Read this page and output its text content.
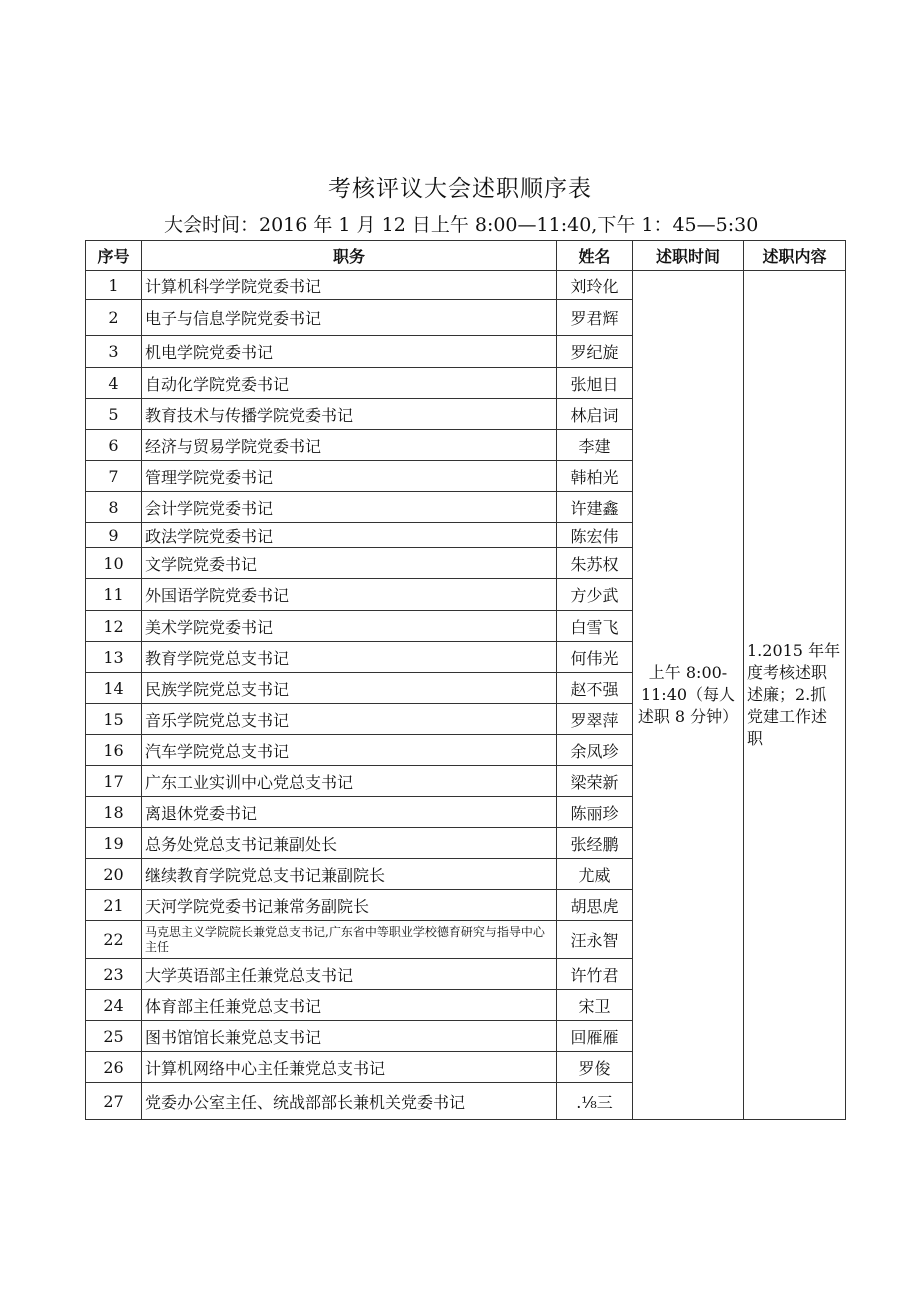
考核评议大会述职顺序表
大会时间：2016 年 1 月 12 日上午 8:00—11:40,下午 1：45—5:30
序号	职务	姓名	述职时间	述职内容
1	计算机科学学院党委书记	刘玲化	上午 8:00-11:40（每人述职 8 分钟）	1.2015 年年度考核述职述廉；2.抓党建工作述职
2	电子与信息学院党委书记	罗君辉		
3	机电学院党委书记	罗纪旋		
4	自动化学院党委书记	张旭日		
5	教育技术与传播学院党委书记	林启词		
6	经济与贸易学院党委书记	李建		
7	管理学院党委书记	韩柏光		
8	会计学院党委书记	许建鑫		
9	政法学院党委书记	陈宏伟		
10	文学院党委书记	朱苏权		
11	外国语学院党委书记	方少武		
12	美术学院党委书记	白雪飞		
13	教育学院党总支书记	何伟光		
14	民族学院党总支书记	赵不强		
15	音乐学院党总支书记	罗翠萍		
16	汽车学院党总支书记	余凤珍		
17	广东工业实训中心党总支书记	梁荣新		
18	离退休党委书记	陈丽珍		
19	总务处党总支书记兼副处长	张经鹏		
20	继续教育学院党总支书记兼副院长	尤威		
21	天河学院党委书记兼常务副院长	胡思虎		
22	马克思主义学院院长兼党总支书记,广东省中等职业学校德育研究与指导中心主任	汪永智		
23	大学英语部主任兼党总支书记	许竹君		
24	体育部主任兼党总支书记	宋卫		
25	图书馆馆长兼党总支书记	回雁雁		
26	计算机网络中心主任兼党总支书记	罗俊		
27	党委办公室主任、统战部部长兼机关党委书记	.⅛三		
